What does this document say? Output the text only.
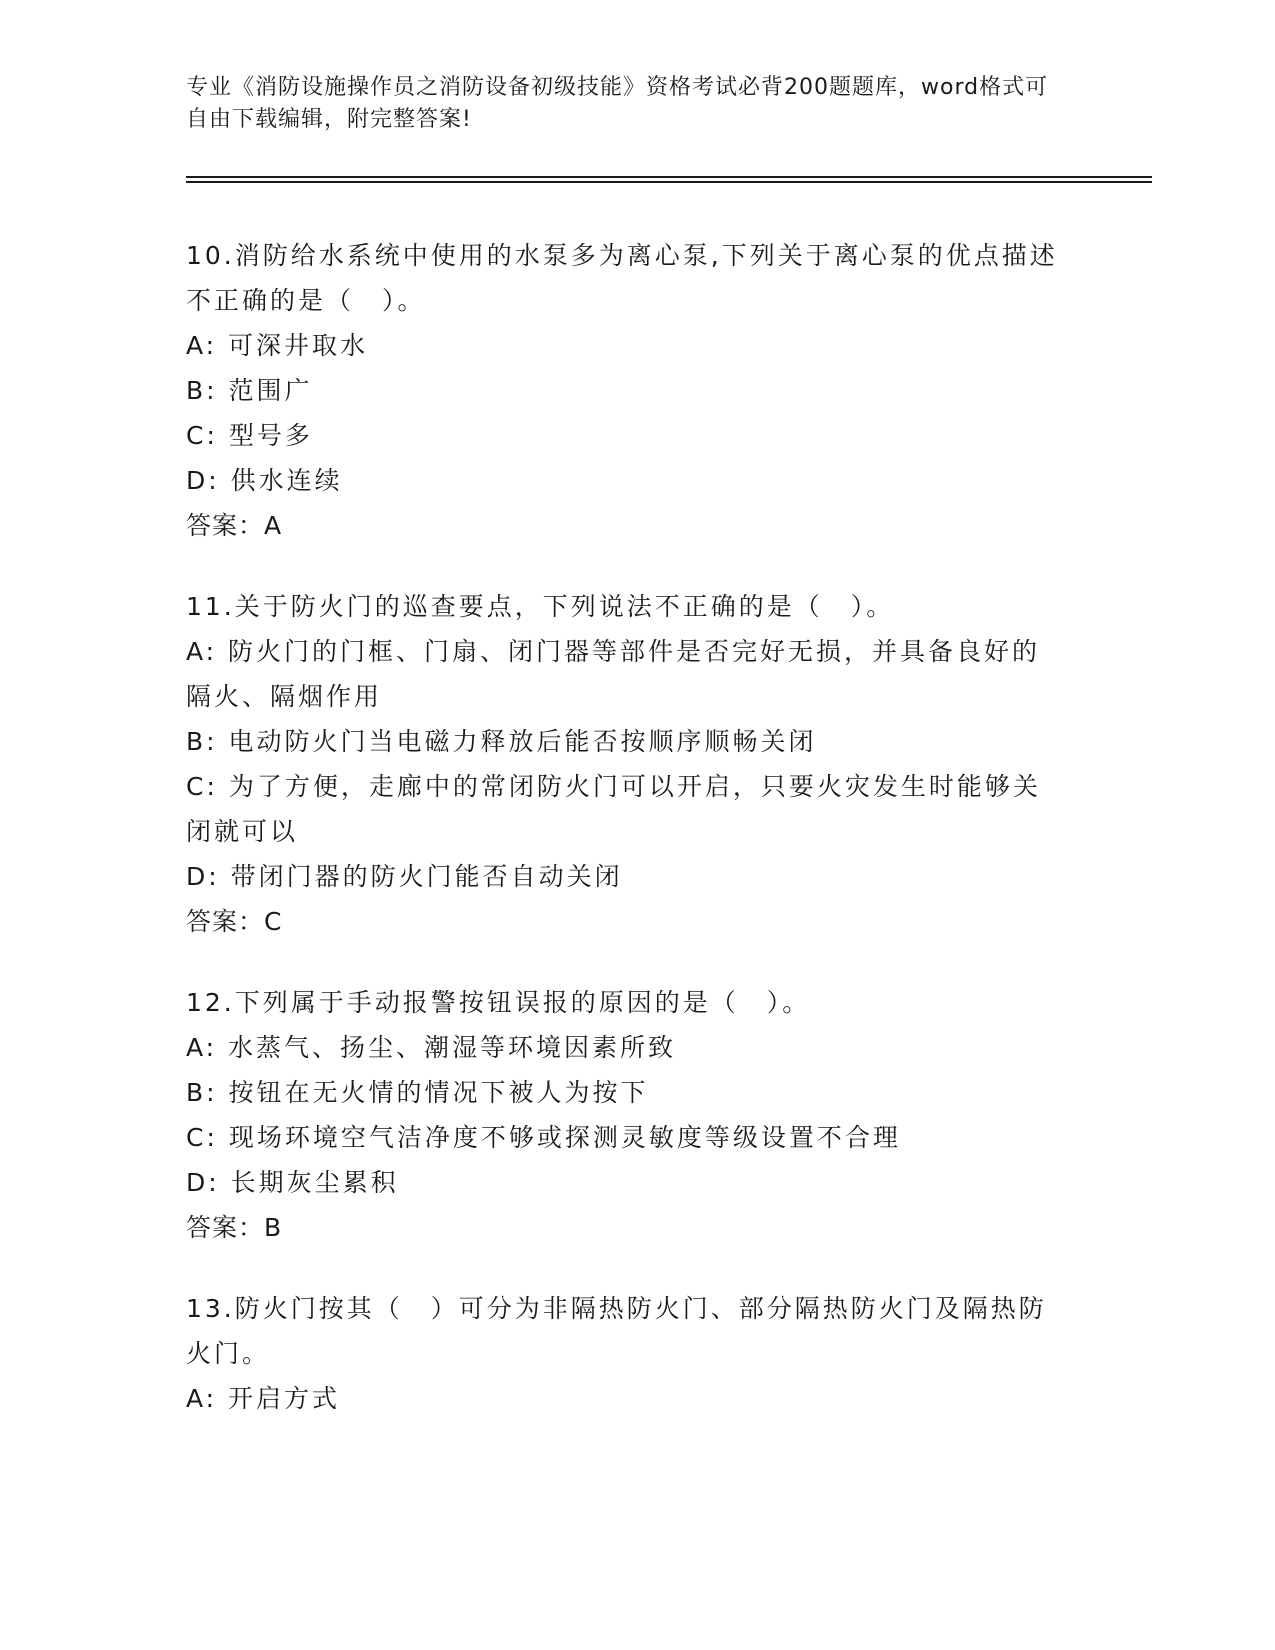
专业《消防设施操作员之消防设备初级技能》资格考试必背200题题库，word格式可自由下载编辑，附完整答案!
10.消防给水系统中使用的水泵多为离心泵,下列关于离心泵的优点描述不正确的是（　）。
A: 可深井取水
B: 范围广
C: 型号多
D: 供水连续
答案：A
11.关于防火门的巡查要点，下列说法不正确的是（　）。
A: 防火门的门框、门扇、闭门器等部件是否完好无损，并具备良好的隔火、隔烟作用
B: 电动防火门当电磁力释放后能否按顺序顺畅关闭
C: 为了方便，走廊中的常闭防火门可以开启，只要火灾发生时能够关闭就可以
D: 带闭门器的防火门能否自动关闭
答案：C
12.下列属于手动报警按钮误报的原因的是（　）。
A: 水蒸气、扬尘、潮湿等环境因素所致
B: 按钮在无火情的情况下被人为按下
C: 现场环境空气洁净度不够或探测灵敏度等级设置不合理
D: 长期灰尘累积
答案：B
13.防火门按其（　）可分为非隔热防火门、部分隔热防火门及隔热防火门。
A: 开启方式
